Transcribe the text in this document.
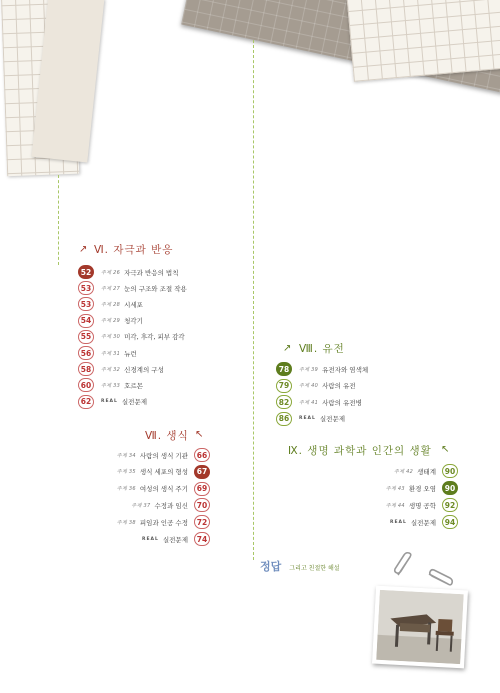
Ⅵ. 자극과 반응
↗
52	주제 26 자극과 반응의 법칙
53	주제 27 눈의 구조와 조절 작용
53	주제 28 시세포
54	주제 29 청각기
55	주제 30 미각, 후각, 피부 감각
56	주제 31 뉴런
58	주제 32 신경계의 구성
60	주제 33 호르몬
62	REAL 실전문제
Ⅶ. 생식 ↖
주제 34 사람의 생식 기관	66
주제 35 생식 세포의 형성	67
주제 36 여성의 생식 주기	69
주제 37 수정과 임신	70
주제 38 피임과 인공 수정	72
REAL 실전문제	74
Ⅷ. 유전
↗
78	주제 39 유전자와 염색체
79	주제 40 사람의 유전
82	주제 41 사람의 유전병
86	REAL 실전문제
Ⅸ. 생명 과학과 인간의 생활 ↖
주제 42 생태계	90
주제 43 환경 오염	90
주제 44 생명 공학	92
REAL 실전문제	94
정답 그리고 친절한 해설
